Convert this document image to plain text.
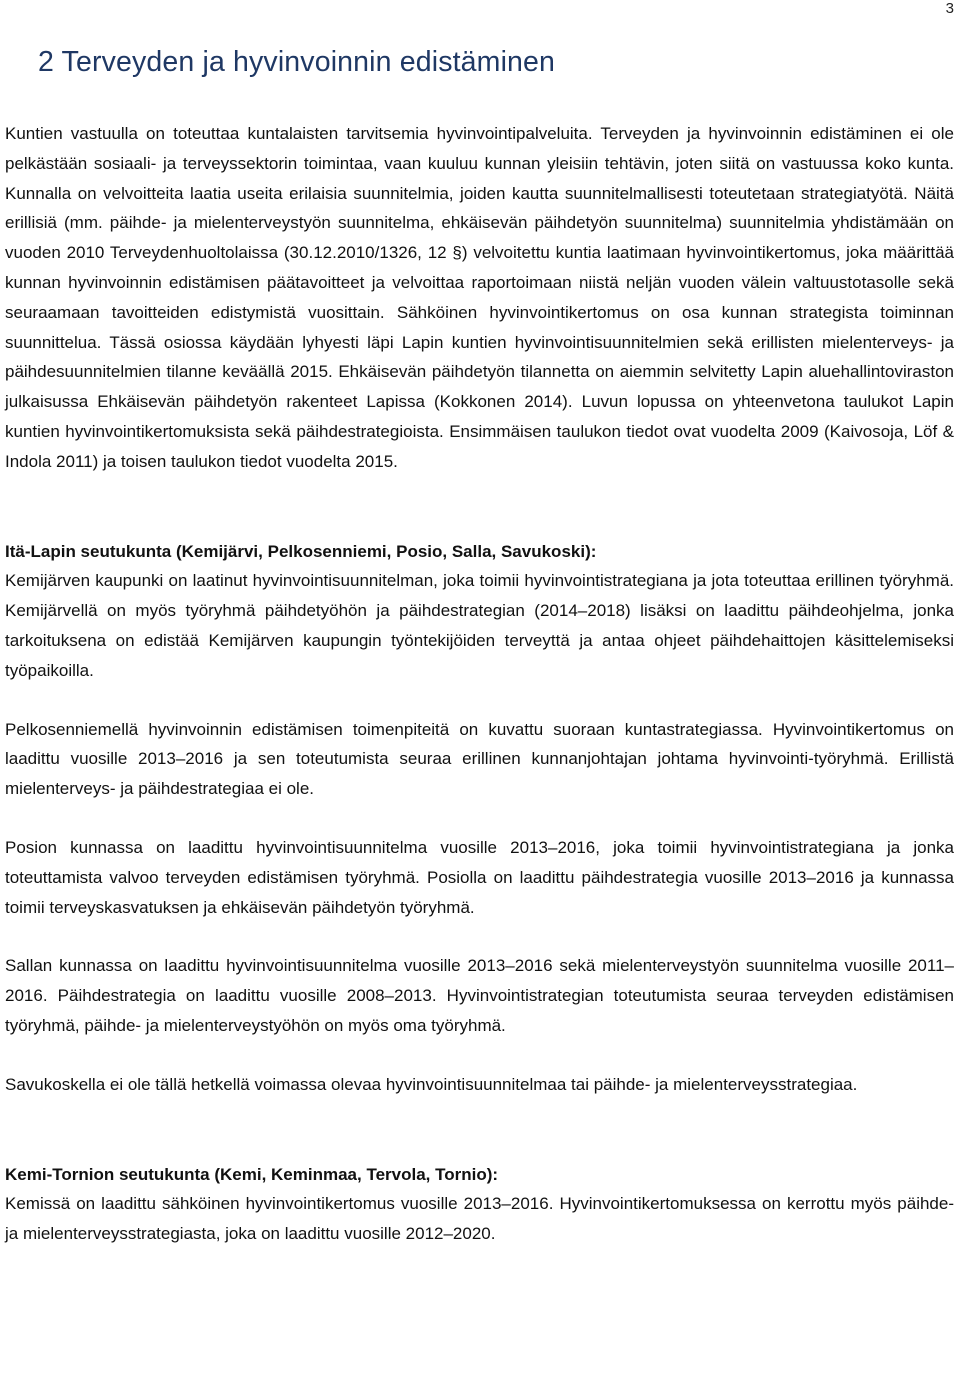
3
2 Terveyden ja hyvinvoinnin edistäminen

Kuntien vastuulla on toteuttaa kuntalaisten tarvitsemia hyvinvointipalveluita. Terveyden ja hyvinvoinnin edistäminen ei ole pelkästään sosiaali- ja terveyssektorin toimintaa, vaan kuuluu kunnan yleisiin tehtävin, joten siitä on vastuussa koko kunta. Kunnalla on velvoitteita laatia useita erilaisia suunnitelmia, joiden kautta suunnitelmallisesti toteutetaan strategiatyötä. Näitä erillisiä (mm. päihde- ja mielenterveystyön suunnitelma, ehkäisevän päihdetyön suunnitelma) suunnitelmia yhdistämään on vuoden 2010 Terveydenhuoltolaissa (30.12.2010/1326, 12 §) velvoitettu kuntia laatimaan hyvinvointikertomus, joka määrittää kunnan hyvinvoinnin edistämisen päätavoitteet ja velvoittaa raportoimaan niistä neljän vuoden välein valtuustotasolle sekä seuraamaan tavoitteiden edistymistä vuosittain. Sähköinen hyvinvointikertomus on osa kunnan strategista toiminnan suunnittelua. Tässä osiossa käydään lyhyesti läpi Lapin kuntien hyvinvointisuunnitelmien sekä erillisten mielenterveys- ja päihdesuunnitelmien tilanne keväällä 2015. Ehkäisevän päihdetyön tilannetta on aiemmin selvitetty Lapin aluehallintoviraston julkaisussa Ehkäisevän päihdetyön rakenteet Lapissa (Kokkonen 2014). Luvun lopussa on yhteenvetona taulukot Lapin kuntien hyvinvointikertomuksista sekä päihdestrategioista. Ensimmäisen taulukon tiedot ovat vuodelta 2009 (Kaivosoja, Löf & Indola 2011) ja toisen taulukon tiedot vuodelta 2015.

Itä-Lapin seutukunta (Kemijärvi, Pelkosenniemi, Posio, Salla, Savukoski):

Kemijärven kaupunki on laatinut hyvinvointisuunnitelman, joka toimii hyvinvointistrategiana ja jota toteuttaa erillinen työryhmä. Kemijärvellä on myös työryhmä päihdetyöhön ja päihdestrategian (2014–2018) lisäksi on laadittu päihdeohjelma, jonka tarkoituksena on edistää Kemijärven kaupungin työntekijöiden terveyttä ja antaa ohjeet päihdehaittojen käsittelemiseksi työpaikoilla.

Pelkosenniemellä hyvinvoinnin edistämisen toimenpiteitä on kuvattu suoraan kuntastrategiassa. Hyvinvointikertomus on laadittu vuosille 2013–2016 ja sen toteutumista seuraa erillinen kunnanjohtajan johtama hyvinvointi-työryhmä. Erillistä mielenterveys- ja päihdestrategiaa ei ole.

Posion kunnassa on laadittu hyvinvointisuunnitelma vuosille 2013–2016, joka toimii hyvinvointistrategiana ja jonka toteuttamista valvoo terveyden edistämisen työryhmä. Posiolla on laadittu päihdestrategia vuosille 2013–2016 ja kunnassa toimii terveyskasvatuksen ja ehkäisevän päihdetyön työryhmä.

Sallan kunnassa on laadittu hyvinvointisuunnitelma vuosille 2013–2016 sekä mielenterveystyön suunnitelma vuosille 2011–2016. Päihdestrategia on laadittu vuosille 2008–2013. Hyvinvointistrategian toteutumista seuraa terveyden edistämisen työryhmä, päihde- ja mielenterveystyöhön on myös oma työryhmä.

Savukoskella ei ole tällä hetkellä voimassa olevaa hyvinvointisuunnitelmaa tai päihde- ja mielenterveysstrategiaa.

Kemi-Tornion seutukunta (Kemi, Keminmaa, Tervola, Tornio):

Kemissä on laadittu sähköinen hyvinvointikertomus vuosille 2013–2016. Hyvinvointikertomuksessa on kerrottu myös päihde- ja mielenterveysstrategiasta, joka on laadittu vuosille 2012–2020.
